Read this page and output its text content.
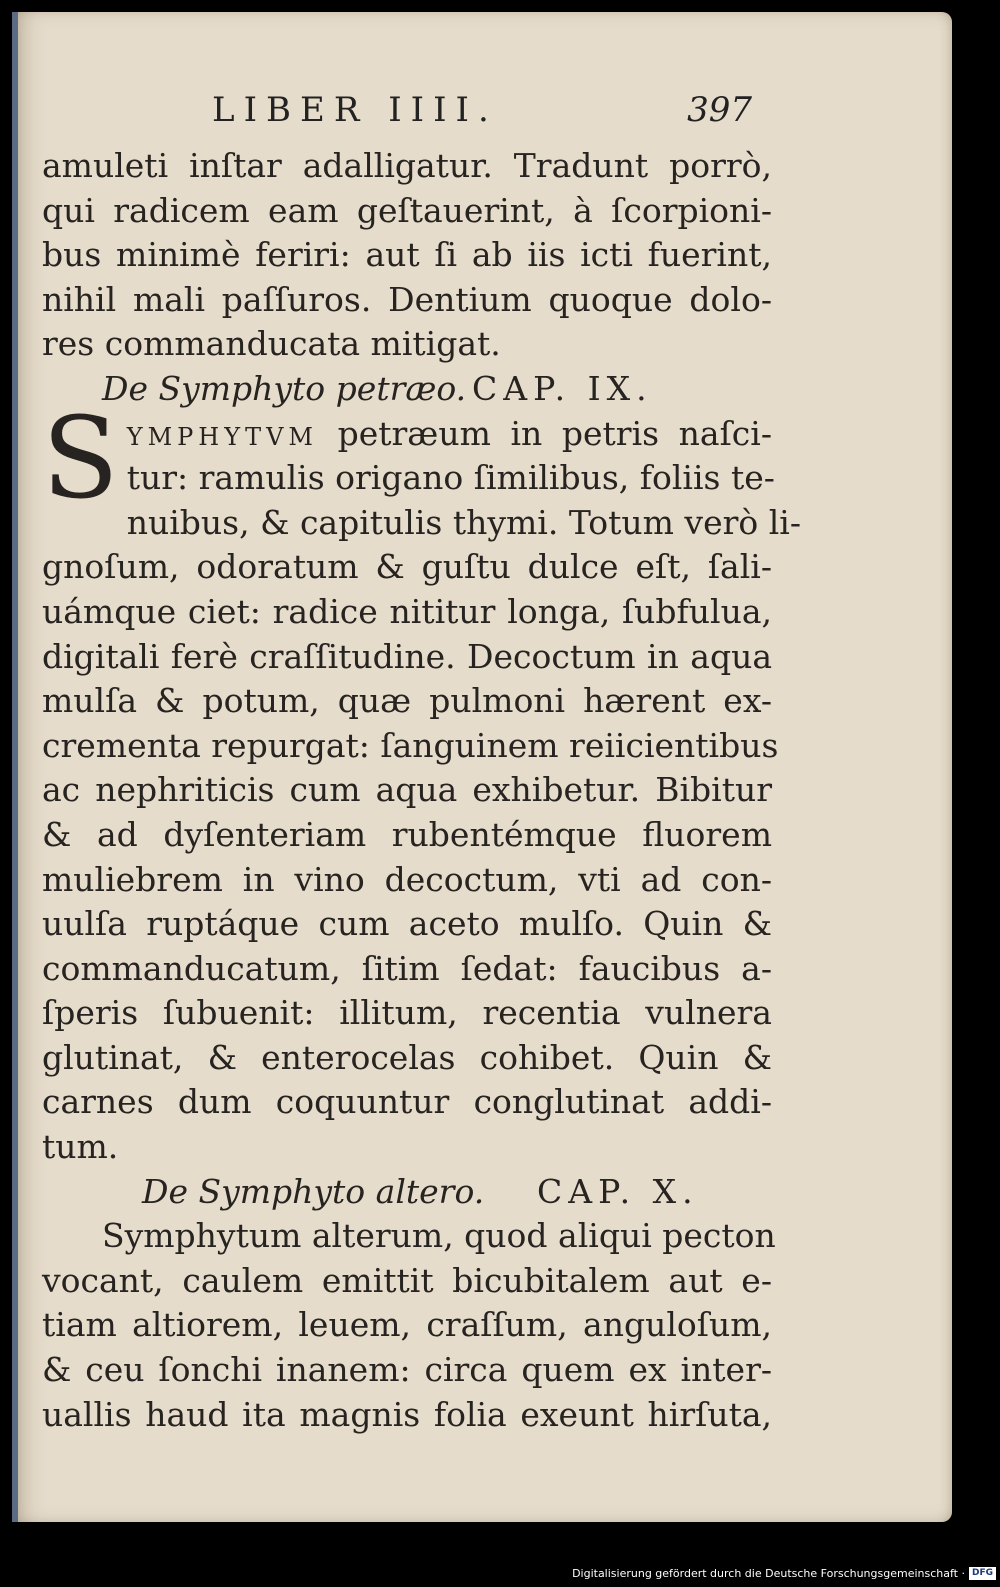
LIBER IIII.	397
amuleti inſtar adalligatur. Tradunt porrò,
qui radicem eam geſtauerint, à ſcorpioni-
bus minimè feriri: aut ſi ab iis icti fuerint,
nihil mali paſſuros. Dentium quoque dolo-
res commanducata mitigat.
De Symphyto petræo. CAP. IX.
S YMPHYTVM petræum in petris naſci-
tur: ramulis origano ſimilibus, foliis te-
nuibus, & capitulis thymi. Totum verò li-
gnoſum, odoratum & guſtu dulce eſt, ſali-
uámque ciet: radice nititur longa, ſubfulua,
digitali ferè craſſitudine. Decoctum in aqua
mulſa & potum, quæ pulmoni hærent ex-
crementa repurgat: ſanguinem reiicientibus
ac nephriticis cum aqua exhibetur. Bibitur
& ad dyſenteriam rubentémque fluorem
muliebrem in vino decoctum, vti ad con-
uulſa ruptáque cum aceto mulſo. Quin &
commanducatum, ſitim ſedat: faucibus a-
ſperis ſubuenit: illitum, recentia vulnera
glutinat, & enterocelas cohibet. Quin &
carnes dum coquuntur conglutinat addi-
tum.
De Symphyto altero. CAP. X.
Symphytum alterum, quod aliqui pecton
vocant, caulem emittit bicubitalem aut e-
tiam altiorem, leuem, craſſum, anguloſum,
& ceu ſonchi inanem: circa quem ex inter-
uallis haud ita magnis folia exeunt hirſuta,
Digitalisierung gefördert durch die Deutsche Forschungsgemeinschaft · DFG
